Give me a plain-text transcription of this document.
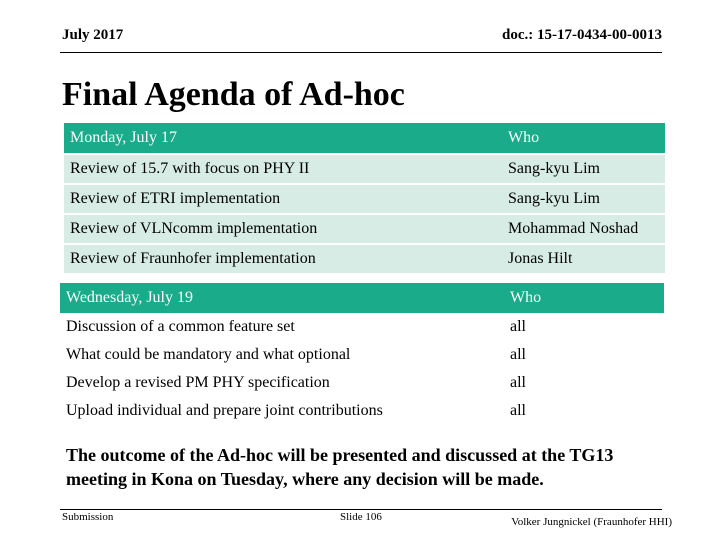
July 2017	doc.: 15-17-0434-00-0013
Final Agenda of Ad-hoc
Monday, July 17	Who
Review of 15.7 with focus on PHY II	Sang-kyu Lim
Review of ETRI implementation	Sang-kyu Lim
Review of VLNcomm implementation	Mohammad Noshad
Review of Fraunhofer implementation	Jonas Hilt
Wednesday, July 19	Who
Discussion of a common feature set	all
What could be mandatory and what optional	all
Develop a revised PM PHY specification	all
Upload individual and prepare joint contributions	all
The outcome of the Ad-hoc will be presented and discussed at the TG13 meeting in Kona on Tuesday, where any decision will be made.
Submission	Slide 106	Volker Jungnickel (Fraunhofer HHI)
